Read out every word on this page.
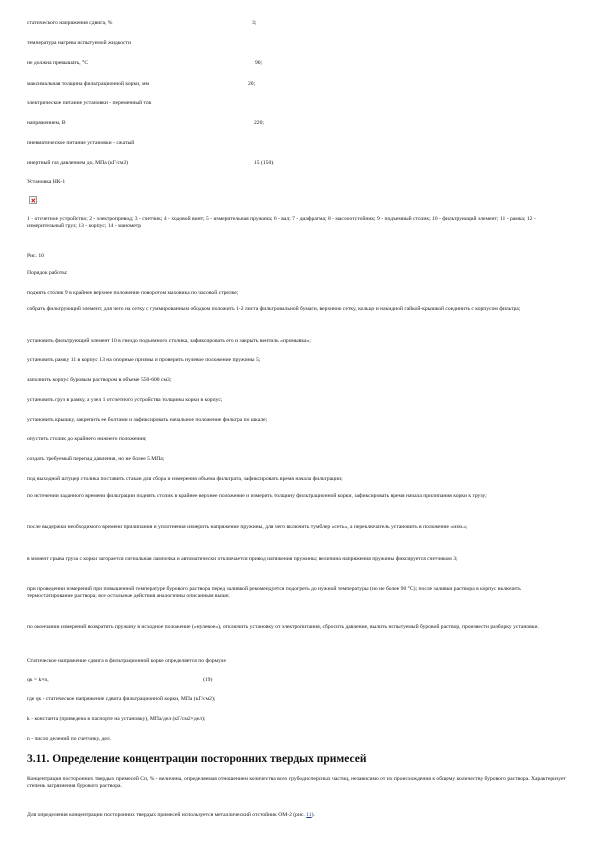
статического напряжения сдвига, %	3;
температура нагрева испытуемой жидкости
не должна превышать, °С	90;
максимальная толщина фильтрационной корки, мм	20;
электрическое питание установки - переменный ток
напряжением, В	220;
пневматическое питание установки - сжатый
инертный газ давлением до, МПа (кГ/см2)	15 (150).
Установка НК-1
1 - отсчетное устройство; 2 - электропривод; 3 - счетчик; 4 - ходовой винт; 5 - измерительная пружина; 6 - вал; 7 - диафрагма; 8 - маслоотстойник; 9 - подъемный столик; 10 - фильтрующий элемент; 11 - рамка; 12 - измерительный груз; 13 - корпус; 14 - манометр
Рис. 10
Порядок работы:
поднять столик 9 в крайнее верхнее положение поворотом маховика по часовой стрелке;
собрать фильтрующий элемент, для чего на сетку с гуммированным ободком положить 1-2 листа фильтровальной бумаги, верхнюю сетку, кольцо и накидной гайкой-крышкой соединить с корпусом фильтра;
установить фильтрующий элемент 10 в гнездо подъемного столика, зафиксировать его и закрыть вентиль «промывка»;
установить рамку 11 в корпус 13 на опорные призмы и проверить нулевое положение пружины 5;
заполнить корпус буровым раствором в объеме 550-600 см3;
установить груз в рамку, а узел 1 отсчетного устройства толщины корки в корпус;
установить крышку, закрепить ее болтами и зафиксировать начальное положение фильтра по шкале;
опустить столик до крайнего нижнего положения;
создать требуемый перепад давления, но не более 5 МПа;
под выходной штуцер столика поставить стакан для сбора и измерения объема фильтрата, зафиксировать время начала фильтрации;
по истечении заданного времени фильтрации поднять столик в крайнее верхнее положение и измерить толщину фильтрационной корки, зафиксировать время начала прилипания корки к грузу;
после выдержки необходимого времени прилипания и уплотнения измерить напряжение пружины, для чего включить тумблер «сеть», а переключатель установить в положение «изм.»;
в момент срыва груза с корки загорается сигнальная лампочка и автоматически отключается привод натяжения пружины; величина напряжения пружины фиксируется счетчиком 3;
при проведении измерений при повышенной температуре бурового раствора перед заливкой рекомендуется подогреть до нужной температуры (но не более 90 °С); после заливки раствора в корпус включить термостатирование раствора; все остальные действия аналогичны описанным выше;
по окончании измерений возвратить пружину в исходное положение («нулевое»), отключить установку от электропитания, сбросить давление, вылить испытуемый буровой раствор, произвести разборку установки.
Статическое напряжение сдвига в фильтрационной корке определяется по формуле
qк = k×n,	(19)
где qк - статическое напряжение сдвига фильтрационной корки, МПа (кГ/см2);
k - константа (приведена в паспорте на установку), МПа/дел (кГ/см2×дел);
n - число делений по счетчику, дел.
3.11. Определение концентрации посторонних твердых примесей
Концентрация посторонних твердых примесей Сп, % - величина, определяемая отношением количества всех грубодисперсных частиц, независимо от их происхождения к общему количеству бурового раствора. Характеризует степень загрязнения бурового раствора.
Для определения концентрации посторонних твердых примесей используется металлический отстойник ОМ-2 (рис. 11).
